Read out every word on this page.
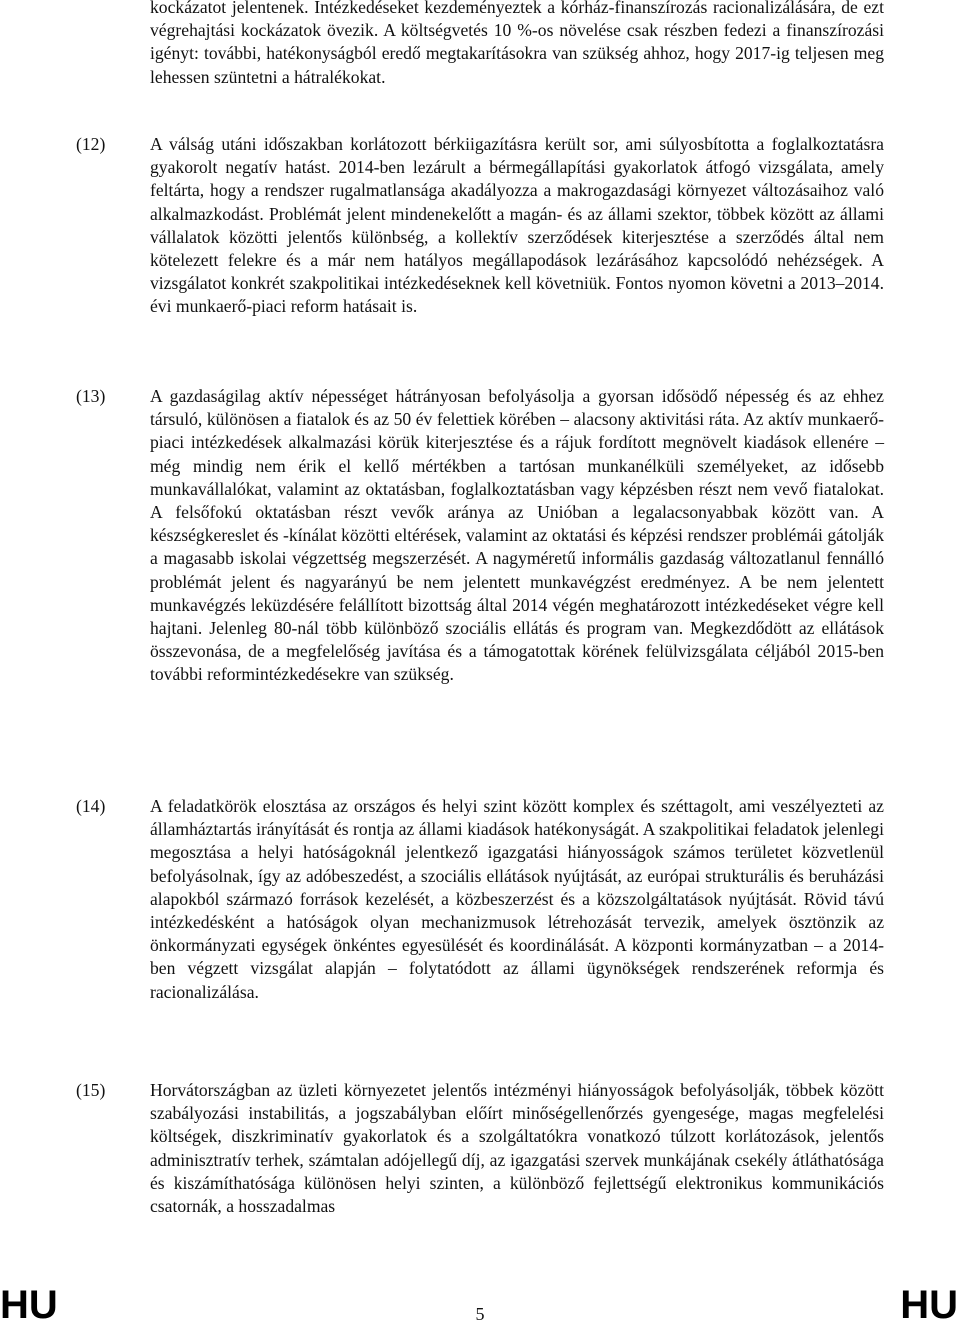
kockázatot jelentenek. Intézkedéseket kezdeményeztek a kórház-finanszírozás racionalizálására, de ezt végrehajtási kockázatok övezik. A költségvetés 10 %-os növelése csak részben fedezi a finanszírozási igényt: további, hatékonyságból eredő megtakarításokra van szükség ahhoz, hogy 2017-ig teljesen meg lehessen szüntetni a hátralékokat.
(12)	A válság utáni időszakban korlátozott bérkiigazításra került sor, ami súlyosbította a foglalkoztatásra gyakorolt negatív hatást. 2014-ben lezárult a bérmegállapítási gyakorlatok átfogó vizsgálata, amely feltárta, hogy a rendszer rugalmatlansága akadályozza a makrogazdasági környezet változásaihoz való alkalmazkodást. Problémát jelent mindenekelőtt a magán- és az állami szektor, többek között az állami vállalatok közötti jelentős különbség, a kollektív szerződések kiterjesztése a szerződés által nem kötelezett felekre és a már nem hatályos megállapodások lezárásához kapcsolódó nehézségek. A vizsgálatot konkrét szakpolitikai intézkedéseknek kell követniük. Fontos nyomon követni a 2013–2014. évi munkaerő-piaci reform hatásait is.
(13)	A gazdaságilag aktív népességet hátrányosan befolyásolja a gyorsan idősödő népesség és az ehhez társuló, különösen a fiatalok és az 50 év felettiek körében – alacsony aktivitási ráta. Az aktív munkaerő-piaci intézkedések alkalmazási körük kiterjesztése és a rájuk fordított megnövelt kiadások ellenére – még mindig nem érik el kellő mértékben a tartósan munkanélküli személyeket, az idősebb munkavállalókat, valamint az oktatásban, foglalkoztatásban vagy képzésben részt nem vevő fiatalokat. A felsőfokú oktatásban részt vevők aránya az Unióban a legalacsonyabbak között van. A készségkereslet és -kínálat közötti eltérések, valamint az oktatási és képzési rendszer problémái gátolják a magasabb iskolai végzettség megszerzését. A nagyméretű informális gazdaság változatlanul fennálló problémát jelent és nagyarányú be nem jelentett munkavégzést eredményez. A be nem jelentett munkavégzés leküzdésére felállított bizottság által 2014 végén meghatározott intézkedéseket végre kell hajtani. Jelenleg 80-nál több különböző szociális ellátás és program van. Megkezdődött az ellátások összevonása, de a megfelelőség javítása és a támogatottak körének felülvizsgálata céljából 2015-ben további reformintézkedésekre van szükség.
(14)	A feladatkörök elosztása az országos és helyi szint között komplex és széttagolt, ami veszélyezteti az államháztartás irányítását és rontja az állami kiadások hatékonyságát. A szakpolitikai feladatok jelenlegi megosztása a helyi hatóságoknál jelentkező igazgatási hiányosságok számos területet közvetlenül befolyásolnak, így az adóbeszedést, a szociális ellátások nyújtását, az európai strukturális és beruházási alapokból származó források kezelését, a közbeszerzést és a közszolgáltatások nyújtását. Rövid távú intézkedésként a hatóságok olyan mechanizmusok létrehozását tervezik, amelyek ösztönzik az önkormányzati egységek önkéntes egyesülését és koordinálását. A központi kormányzatban – a 2014-ben végzett vizsgálat alapján – folytatódott az állami ügynökségek rendszerének reformja és racionalizálása.
(15)	Horvátországban az üzleti környezetet jelentős intézményi hiányosságok befolyásolják, többek között szabályozási instabilitás, a jogszabályban előírt minőségellenőrzés gyengesége, magas megfelelési költségek, diszkriminatív gyakorlatok és a szolgáltatókra vonatkozó túlzott korlátozások, jelentős adminisztratív terhek, számtalan adójellegű díj, az igazgatási szervek munkájának csekély átláthatósága és kiszámíthatósága különösen helyi szinten, a különböző fejlettségű elektronikus kommunikációs csatornák, a hosszadalmas
HU	5	HU
